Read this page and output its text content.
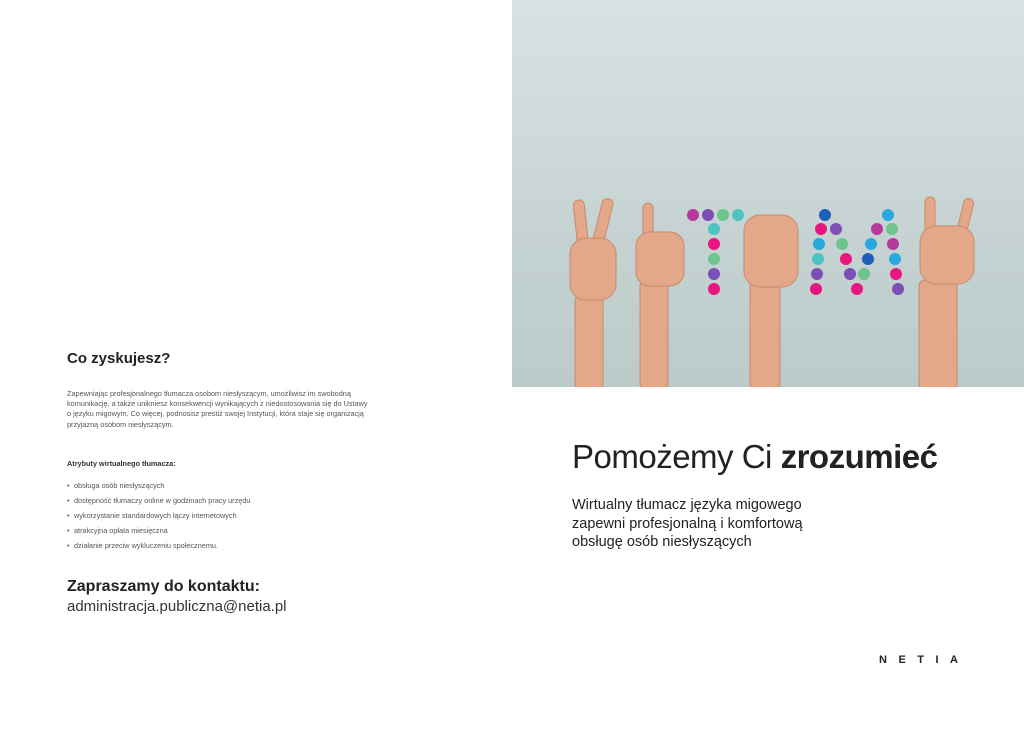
Co zyskujesz?

Zapewniając profesjonalnego tłumacza osobom niesłyszącym, umożliwisz im swobodną
komunikację, a także unikniesz konsekwencji wynikających z niedostosowania się do Ustawy
o języku migowym. Co więcej, podnosisz prestiż swojej Instytucji, która staje się organizacją
przyjazną osobom niesłyszącym.

Atrybuty wirtualnego tłumacza:
• obsługa osób niesłyszących
• dostępność tłumaczy online w godzinach pracy urzędu
• wykorzystanie standardowych łączy internetowych
• atrakcyjna opłata miesięczna
• działanie przeciw wykluczeniu społecznemu.
Zapraszamy do kontaktu:
administracja.publiczna@netia.pl
Pomożemy Ci zrozumieć

Wirtualny tłumacz języka migowego
zapewni profesjonalną i komfortową
obsługę osób niesłyszących

NETIA
